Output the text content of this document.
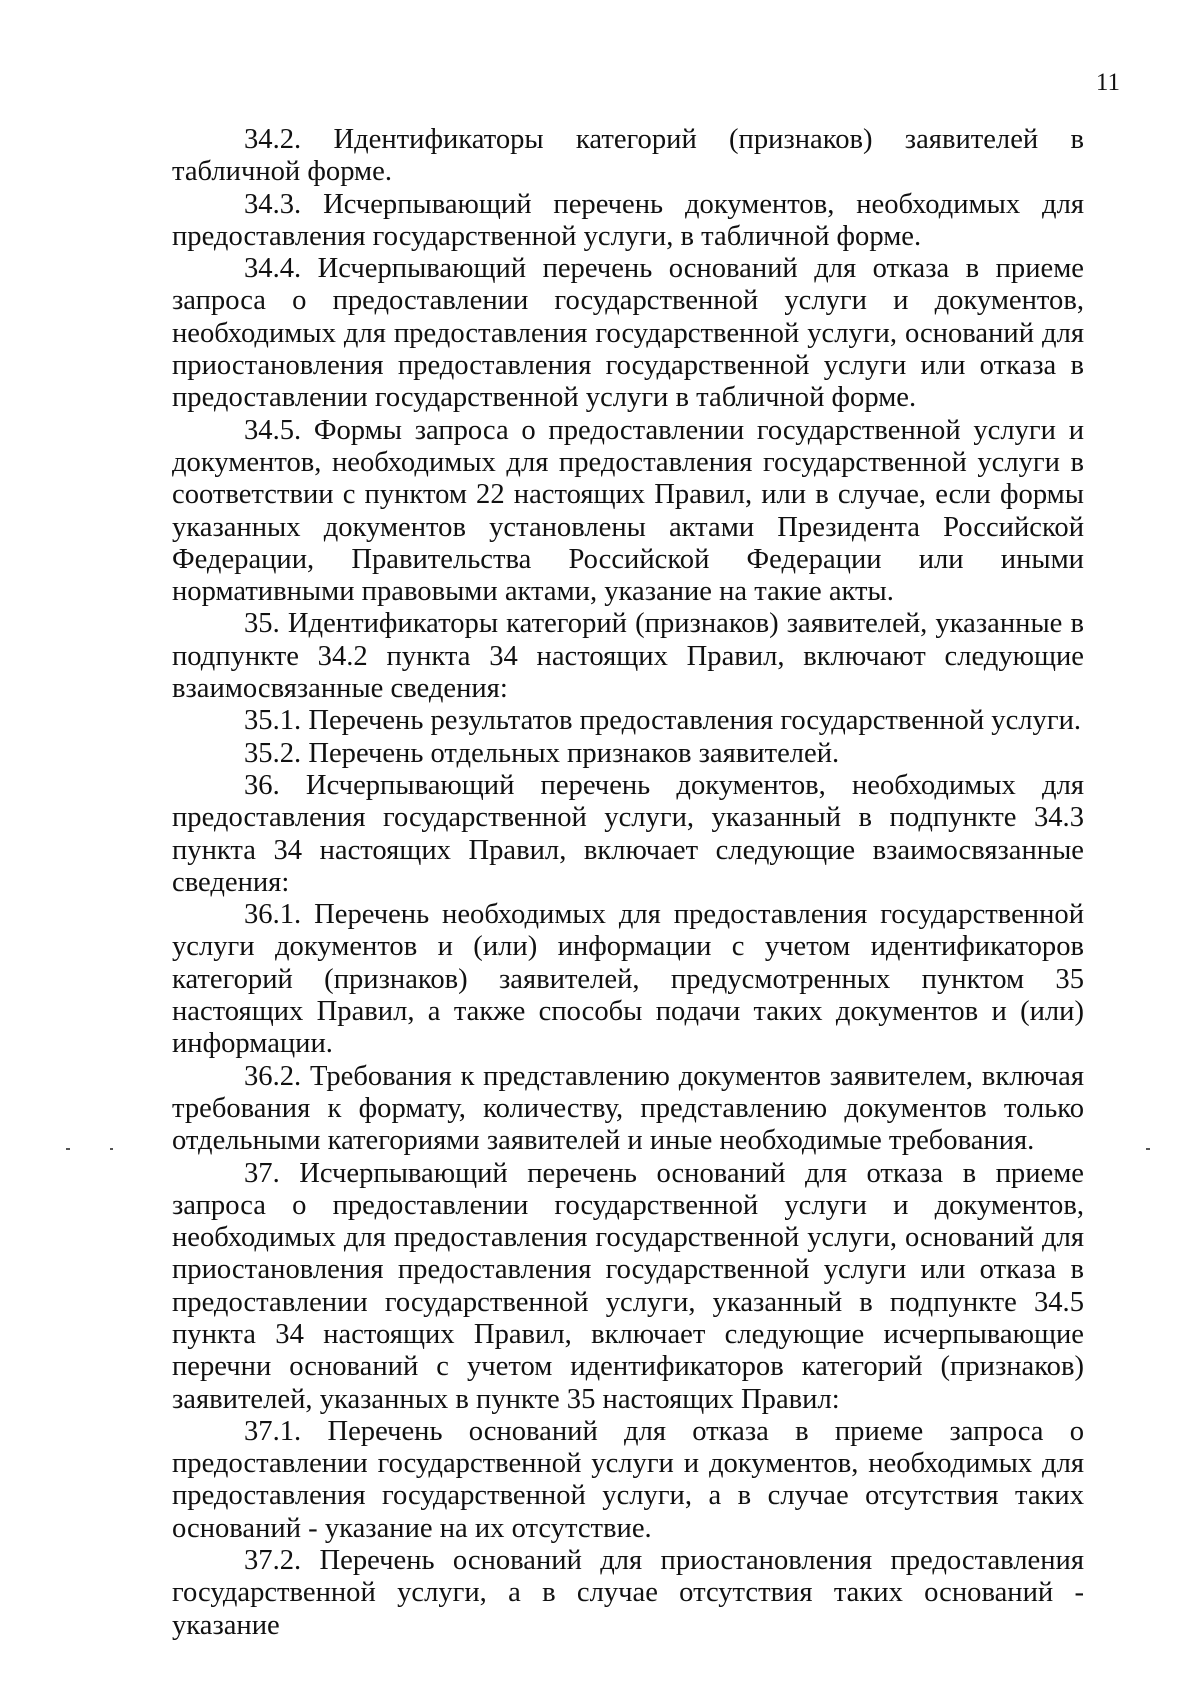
11

34.2. Идентификаторы категорий (признаков) заявителей в табличной форме.

34.3. Исчерпывающий перечень документов, необходимых для предоставления государственной услуги, в табличной форме.

34.4. Исчерпывающий перечень оснований для отказа в приеме запроса о предоставлении государственной услуги и документов, необходимых для предоставления государственной услуги, оснований для приостановления предоставления государственной услуги или отказа в предоставлении государственной услуги в табличной форме.

34.5. Формы запроса о предоставлении государственной услуги и документов, необходимых для предоставления государственной услуги в соответствии с пунктом 22 настоящих Правил, или в случае, если формы указанных документов установлены актами Президента Российской Федерации, Правительства Российской Федерации или иными нормативными правовыми актами, указание на такие акты.

35. Идентификаторы категорий (признаков) заявителей, указанные в подпункте 34.2 пункта 34 настоящих Правил, включают следующие взаимосвязанные сведения:

35.1. Перечень результатов предоставления государственной услуги.

35.2. Перечень отдельных признаков заявителей.

36. Исчерпывающий перечень документов, необходимых для предоставления государственной услуги, указанный в подпункте 34.3 пункта 34 настоящих Правил, включает следующие взаимосвязанные сведения:

36.1. Перечень необходимых для предоставления государственной услуги документов и (или) информации с учетом идентификаторов категорий (признаков) заявителей, предусмотренных пунктом 35 настоящих Правил, а также способы подачи таких документов и (или) информации.

36.2. Требования к представлению документов заявителем, включая требования к формату, количеству, представлению документов только отдельными категориями заявителей и иные необходимые требования.

37. Исчерпывающий перечень оснований для отказа в приеме запроса о предоставлении государственной услуги и документов, необходимых для предоставления государственной услуги, оснований для приостановления предоставления государственной услуги или отказа в предоставлении государственной услуги, указанный в подпункте 34.5 пункта 34 настоящих Правил, включает следующие исчерпывающие перечни оснований с учетом идентификаторов категорий (признаков) заявителей, указанных в пункте 35 настоящих Правил:

37.1. Перечень оснований для отказа в приеме запроса о предоставлении государственной услуги и документов, необходимых для предоставления государственной услуги, а в случае отсутствия таких оснований - указание на их отсутствие.

37.2. Перечень оснований для приостановления предоставления государственной услуги, а в случае отсутствия таких оснований - указание
